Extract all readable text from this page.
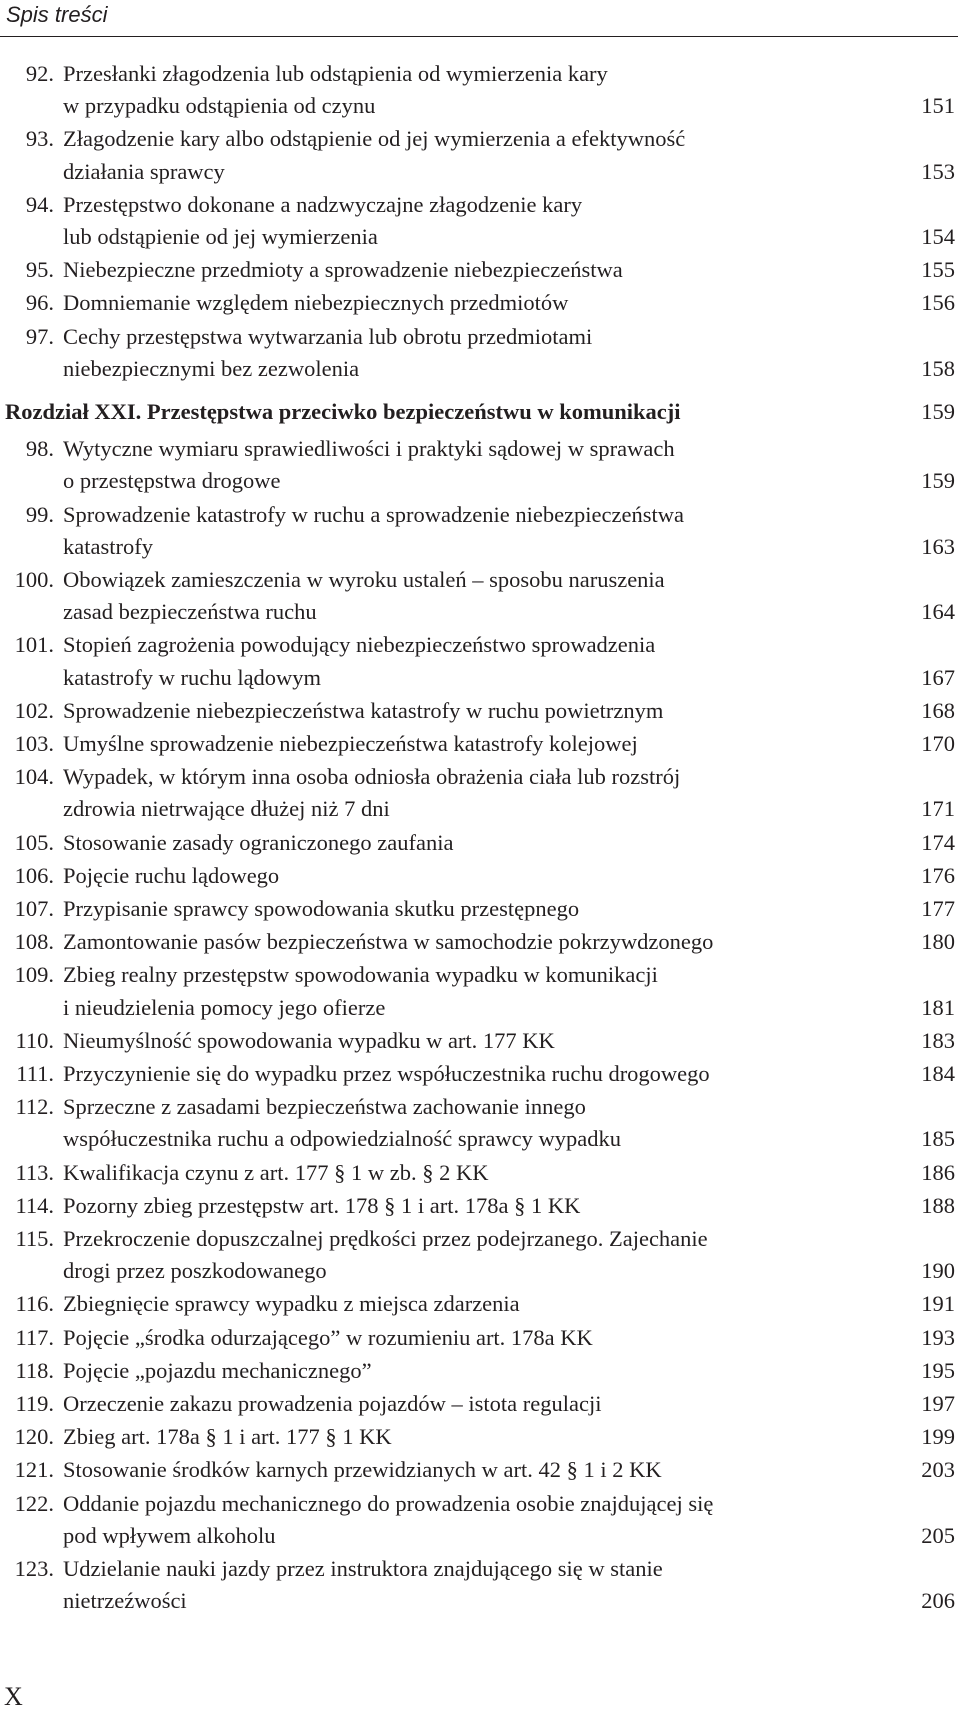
Spis treści
92. Przesłanki złagodzenia lub odstąpienia od wymierzenia kary
w przypadku odstąpienia od czynu . . .	151
93. Złagodzenie kary albo odstąpienie od jej wymierzenia a efektywność
działania sprawcy . . .	153
94. Przestępstwo dokonane a nadzwyczajne złagodzenie kary
lub odstąpienie od jej wymierzenia . . .	154
95. Niebezpieczne przedmioty a sprowadzenie niebezpieczeństwa . . .	155
96. Domniemanie względem niebezpiecznych przedmiotów . . .	156
97. Cechy przestępstwa wytwarzania lub obrotu przedmiotami
niebezpiecznymi bez zezwolenia . . .	158
Rozdział XXI. Przestępstwa przeciwko bezpieczeństwu w komunikacji . . .	159
98. Wytyczne wymiaru sprawiedliwości i praktyki sądowej w sprawach
o przestępstwa drogowe . . .	159
99. Sprowadzenie katastrofy w ruchu a sprowadzenie niebezpieczeństwa
katastrofy . . .	163
100. Obowiązek zamieszczenia w wyroku ustaleń – sposobu naruszenia
zasad bezpieczeństwa ruchu . . .	164
101. Stopień zagrożenia powodujący niebezpieczeństwo sprowadzenia
katastrofy w ruchu lądowym . . .	167
102. Sprowadzenie niebezpieczeństwa katastrofy w ruchu powietrznym . . .	168
103. Umyślne sprowadzenie niebezpieczeństwa katastrofy kolejowej . . .	170
104. Wypadek, w którym inna osoba odniosła obrażenia ciała lub rozstrój
zdrowia nietrwające dłużej niż 7 dni . . .	171
105. Stosowanie zasady ograniczonego zaufania . . .	174
106. Pojęcie ruchu lądowego . . .	176
107. Przypisanie sprawcy spowodowania skutku przestępnego . . .	177
108. Zamontowanie pasów bezpieczeństwa w samochodzie pokrzywdzonego . . .	180
109. Zbieg realny przestępstw spowodowania wypadku w komunikacji
i nieudzielenia pomocy jego ofierze . . .	181
110. Nieumyślność spowodowania wypadku w art. 177 KK . . .	183
111. Przyczynienie się do wypadku przez współuczestnika ruchu drogowego . . .	184
112. Sprzeczne z zasadami bezpieczeństwa zachowanie innego
współuczestnika ruchu a odpowiedzialność sprawcy wypadku . . .	185
113. Kwalifikacja czynu z art. 177 § 1 w zb. § 2 KK . . .	186
114. Pozorny zbieg przestępstw art. 178 § 1 i art. 178a § 1 KK . . .	188
115. Przekroczenie dopuszczalnej prędkości przez podejrzanego. Zajechanie
drogi przez poszkodowanego . . .	190
116. Zbiegnięcie sprawcy wypadku z miejsca zdarzenia . . .	191
117. Pojęcie „środka odurzającego” w rozumieniu art. 178a KK . . .	193
118. Pojęcie „pojazdu mechanicznego” . . .	195
119. Orzeczenie zakazu prowadzenia pojazdów – istota regulacji . . .	197
120. Zbieg art. 178a § 1 i art. 177 § 1 KK . . .	199
121. Stosowanie środków karnych przewidzianych w art. 42 § 1 i 2 KK . . .	203
122. Oddanie pojazdu mechanicznego do prowadzenia osobie znajdującej się
pod wpływem alkoholu . . .	205
123. Udzielanie nauki jazdy przez instruktora znajdującego się w stanie
nietrzeźwości . . .	206
X
